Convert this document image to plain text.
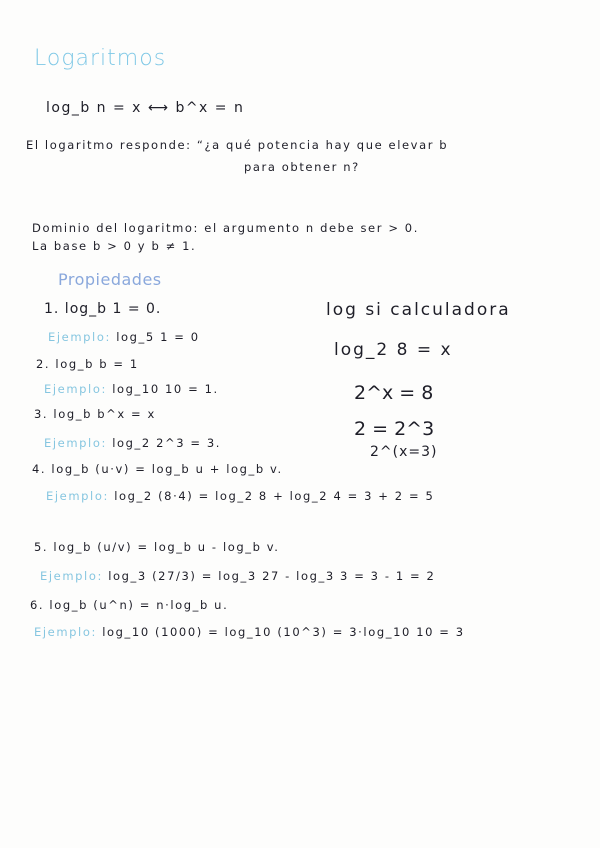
Logaritmos
log_b n = x ⟷ b^x = n
El logaritmo responde: “¿a qué potencia hay que elevar b
para obtener n?
Dominio del logaritmo: el argumento n debe ser > 0.
La base b > 0 y b ≠ 1.
Propiedades
1. log_b 1 = 0.
Ejemplo: log_5 1 = 0
2. log_b b = 1
Ejemplo: log_10 10 = 1.
3. log_b b^x = x
Ejemplo: log_2 2^3 = 3.
4. log_b (u·v) = log_b u + log_b v.
Ejemplo: log_2 (8·4) = log_2 8 + log_2 4 = 3 + 2 = 5
5. log_b (u/v) = log_b u - log_b v.
Ejemplo: log_3 (27/3) = log_3 27 - log_3 3 = 3 - 1 = 2
6. log_b (u^n) = n·log_b u.
Ejemplo: log_10 (1000) = log_10 (10^3) = 3·log_10 10 = 3
log si calculadora
log_2 8 = x
2^x = 8
2 = 2^3
2^(x=3)
